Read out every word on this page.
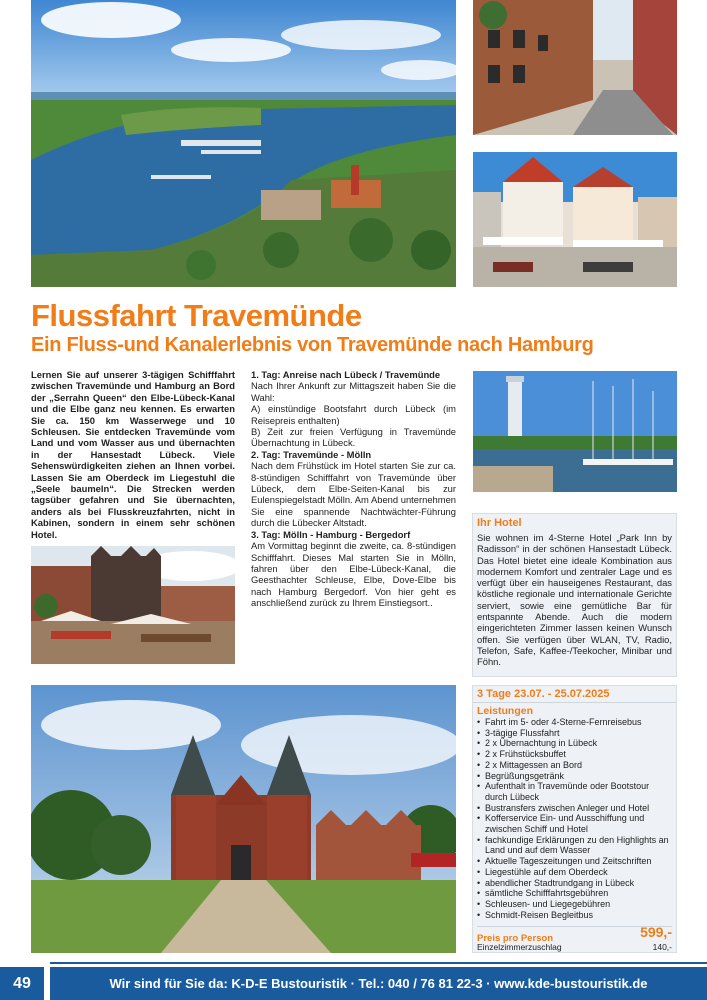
Flussfahrt Travemünde
Ein Fluss-und Kanalerlebnis von Travemünde nach Hamburg
Lernen Sie auf unserer 3-tägigen Schifffahrt zwischen Travemünde und Hamburg an Bord der „Serrahn Queen“ den Elbe-Lübeck-Kanal und die Elbe ganz neu kennen. Es erwarten Sie ca. 150 km Wasserwege und 10 Schleusen. Sie entdecken Travemünde vom Land und vom Wasser aus und übernachten in der Hansestadt Lübeck. Viele Sehenswürdigkeiten ziehen an Ihnen vorbei. Lassen Sie am Oberdeck im Liegestuhl die „Seele baumeln“. Die Strecken werden tagsüber gefahren und Sie übernachten, anders als bei Flusskreuzfahrten, nicht in Kabinen, sondern in einem sehr schönen Hotel.
1. Tag: Anreise nach Lübeck / Travemünde
Nach Ihrer Ankunft zur Mittagszeit haben Sie die Wahl:
A) einstündige Bootsfahrt durch Lübeck (im Reisepreis enthalten)
B) Zeit zur freien Verfügung in Travemünde Übernachtung in Lübeck.
2. Tag: Travemünde - Mölln
Nach dem Frühstück im Hotel starten Sie zur ca. 8-stündigen Schifffahrt von Travemünde über Lübeck, dem Elbe-Seiten-Kanal bis zur Eulenspiegelstadt Mölln. Am Abend unternehmen Sie eine spannende Nachtwächter-Führung durch die Lübecker Altstadt.
3. Tag: Mölln - Hamburg - Bergedorf
Am Vormittag beginnt die zweite, ca. 8-stündigen Schifffahrt. Dieses Mal starten Sie in Mölln, fahren über den Elbe-Lübeck-Kanal, die Geesthachter Schleuse, Elbe, Dove-Elbe bis nach Hamburg Bergedorf. Von hier geht es anschließend zurück zu Ihrem Einstiegsort..
Ihr Hotel
Sie wohnen im 4-Sterne Hotel „Park Inn by Radisson“ in der schönen Hansestadt Lübeck. Das Hotel bietet eine ideale Kombination aus modernem Komfort und zentraler Lage und es verfügt über ein hauseigenes Restaurant, das köstliche regionale und internationale Gerichte serviert, sowie eine gemütliche Bar für entspannte Abende. Auch die modern eingerichteten Zimmer lassen keinen Wunsch offen. Sie verfügen über WLAN, TV, Radio, Telefon, Safe, Kaffee-/Teekocher, Minibar und Föhn.
3 Tage 23.07. - 25.07.2025
Leistungen
• Fahrt im 5- oder 4-Sterne-Fernreisebus
• 3-tägige Flussfahrt
• 2 x Übernachtung in Lübeck
• 2 x Frühstücksbuffet
• 2 x Mittagessen an Bord
• Begrüßungsgetränk
• Aufenthalt in Travemünde oder Bootstour durch Lübeck
• Bustransfers zwischen Anleger und Hotel
• Kofferservice Ein- und Ausschiffung und zwischen Schiff und Hotel
• fachkundige Erklärungen zu den Highlights an Land und auf dem Wasser
• Aktuelle Tageszeitungen und Zeitschriften
• Liegestühle auf dem Oberdeck
• abendlicher Stadtrundgang in Lübeck
• sämtliche Schifffahrtsgebühren
• Schleusen- und Liegegebühren
• Schmidt-Reisen Begleitbus
Preis pro Person	599,-
Einzelzimmerzuschlag	140,-
49	Wir sind für Sie da: K-D-E Bustouristik · Tel.: 040 / 76 81 22-3 · www.kde-bustouristik.de
